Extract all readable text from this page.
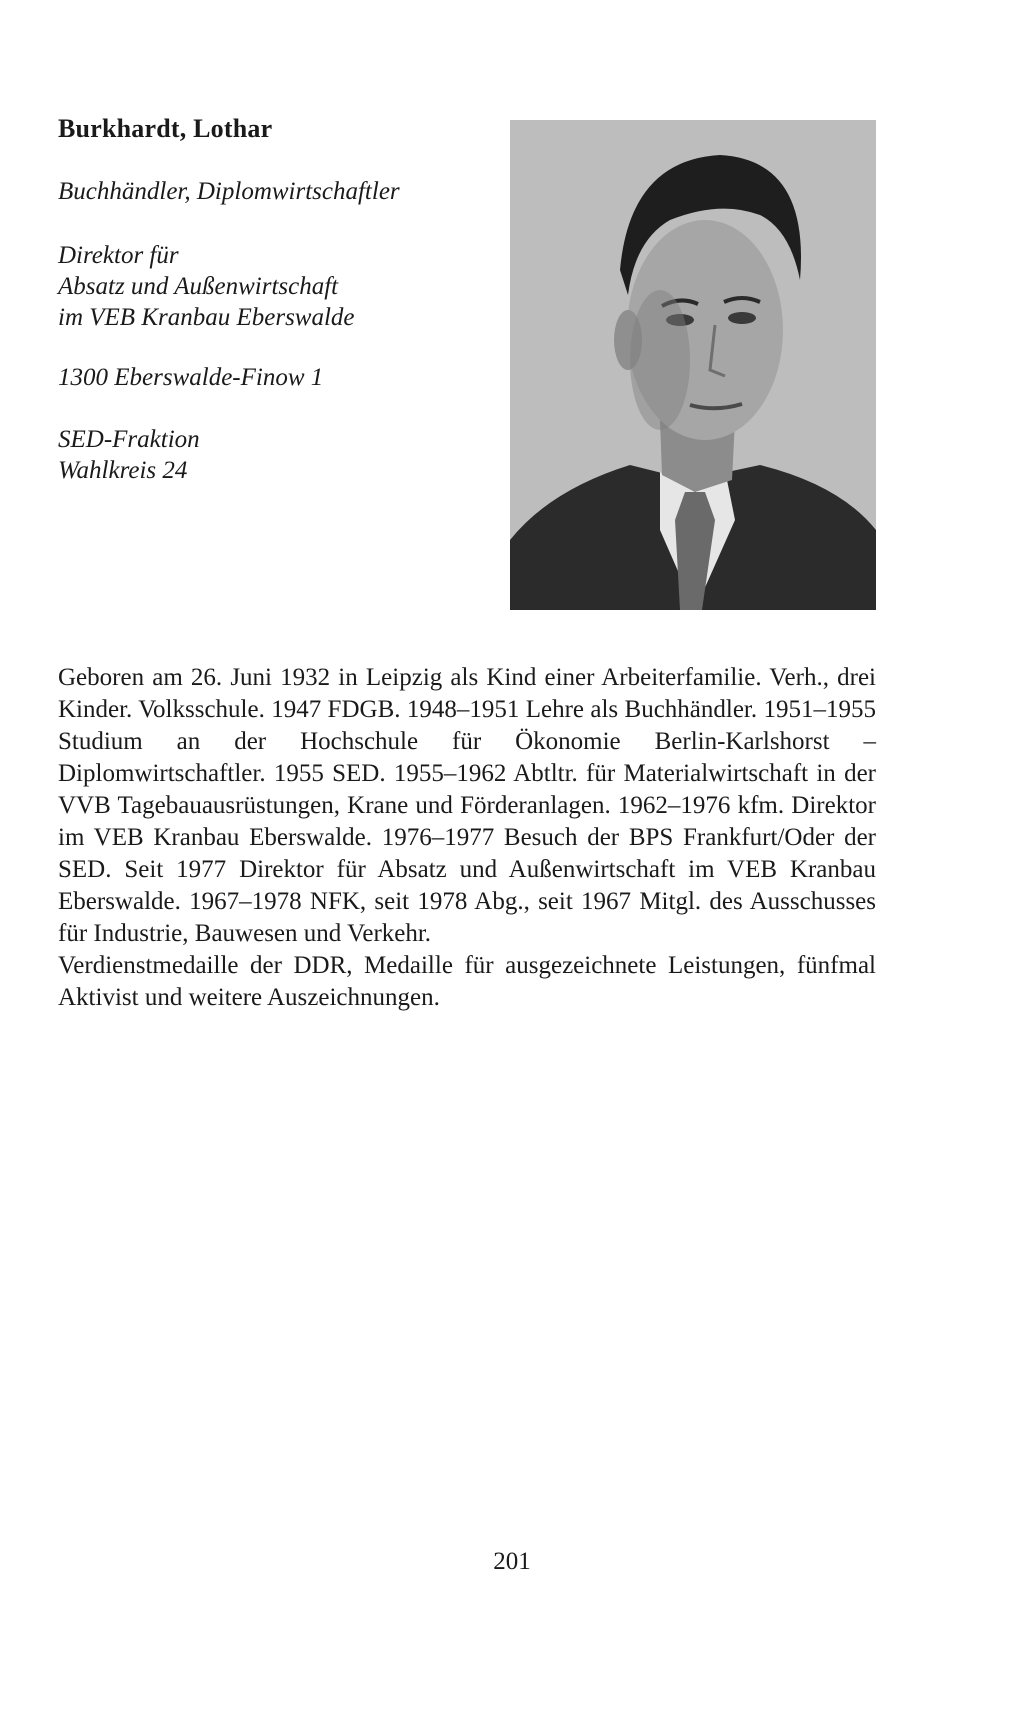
Burkhardt, Lothar
Buchhändler, Diplomwirtschaftler
Direktor für
Absatz und Außenwirtschaft
im VEB Kranbau Eberswalde
1300 Eberswalde-Finow 1
SED-Fraktion
Wahlkreis 24

Geboren am 26. Juni 1932 in Leipzig als Kind einer Arbeiterfamilie. Verh., drei Kinder. Volksschule. 1947 FDGB. 1948–1951 Lehre als Buchhändler. 1951–1955 Studium an der Hochschule für Ökonomie Berlin-Karlshorst – Diplomwirtschaftler. 1955 SED. 1955–1962 Abtltr. für Materialwirtschaft in der VVB Tagebauausrüstungen, Krane und Förderanlagen. 1962–1976 kfm. Direktor im VEB Kranbau Eberswalde. 1976–1977 Besuch der BPS Frankfurt/Oder der SED. Seit 1977 Direktor für Absatz und Außenwirtschaft im VEB Kranbau Eberswalde. 1967–1978 NFK, seit 1978 Abg., seit 1967 Mitgl. des Ausschusses für Industrie, Bauwesen und Verkehr.

Verdienstmedaille der DDR, Medaille für ausgezeichnete Leistungen, fünfmal Aktivist und weitere Auszeichnungen.

201
